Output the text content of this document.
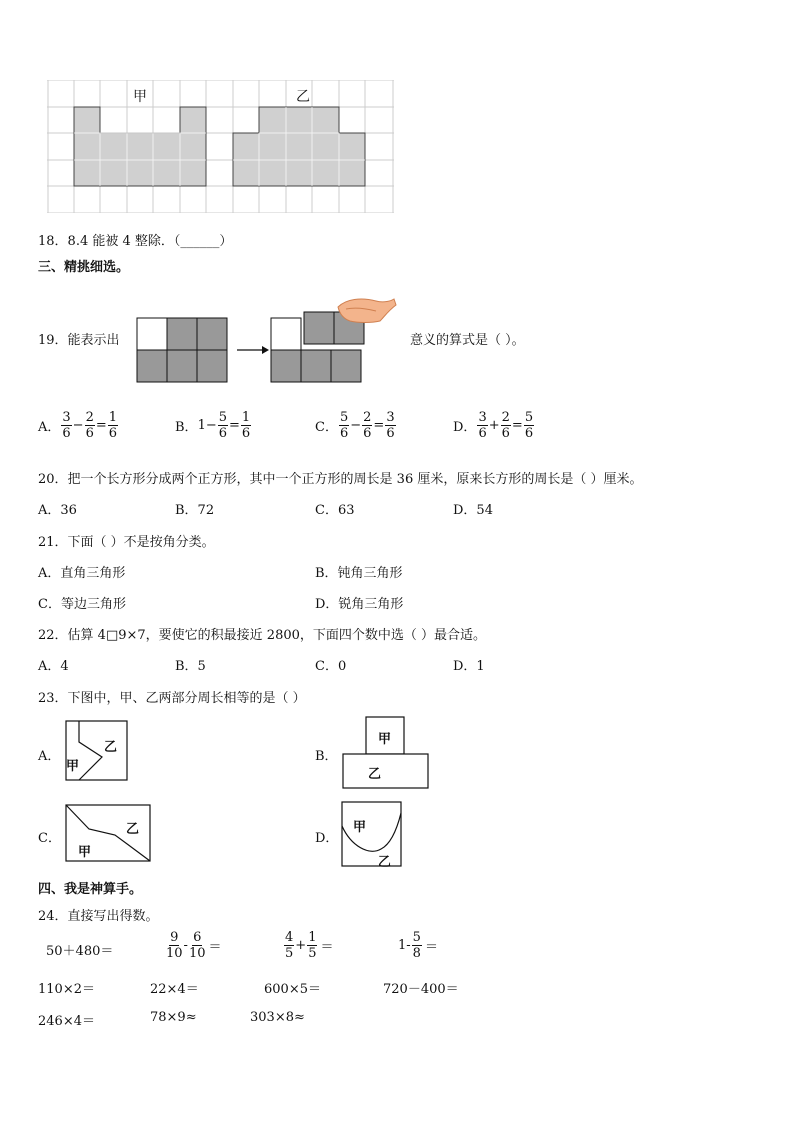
甲	乙
18．8.4 能被 4 整除．（______）
三、精挑细选。
19．能表示出	意义的算式是（ ）。
A． $\frac{3}{6} - \frac{2}{6} = \frac{1}{6}$	B． $1- \frac{5}{6} = \frac{1}{6}$	C． $\frac{5}{6} - \frac{2}{6} = \frac{3}{6}$	D． $\frac{3}{6} + \frac{2}{6} = \frac{5}{6}$
20．把一个长方形分成两个正方形，其中一个正方形的周长是 36 厘米，原来长方形的周长是（ ）厘米。
A．36	B．72	C．63	D．54
21．下面（ ）不是按角分类。
A．直角三角形	B．钝角三角形
C．等边三角形	D．锐角三角形
22．估算 4□9×7，要使它的积最接近 2800，下面四个数中选（ ）最合适。
A．4	B．5	C．0	D．1
23．下图中，甲、乙两部分周长相等的是（ ）
A．
乙
甲
B．
甲
乙
C．
乙
甲
D．
甲
乙
四、我是神算手。
24．直接写出得数。
50＋480＝	$\frac{9}{10} - \frac{6}{10}$ ＝	$\frac{4}{5} + \frac{1}{5}$ ＝	$1- \frac{5}{8}$ ＝
110×2＝	22×4＝	600×5＝	720－400＝
246×4＝	78×9≈	303×8≈
